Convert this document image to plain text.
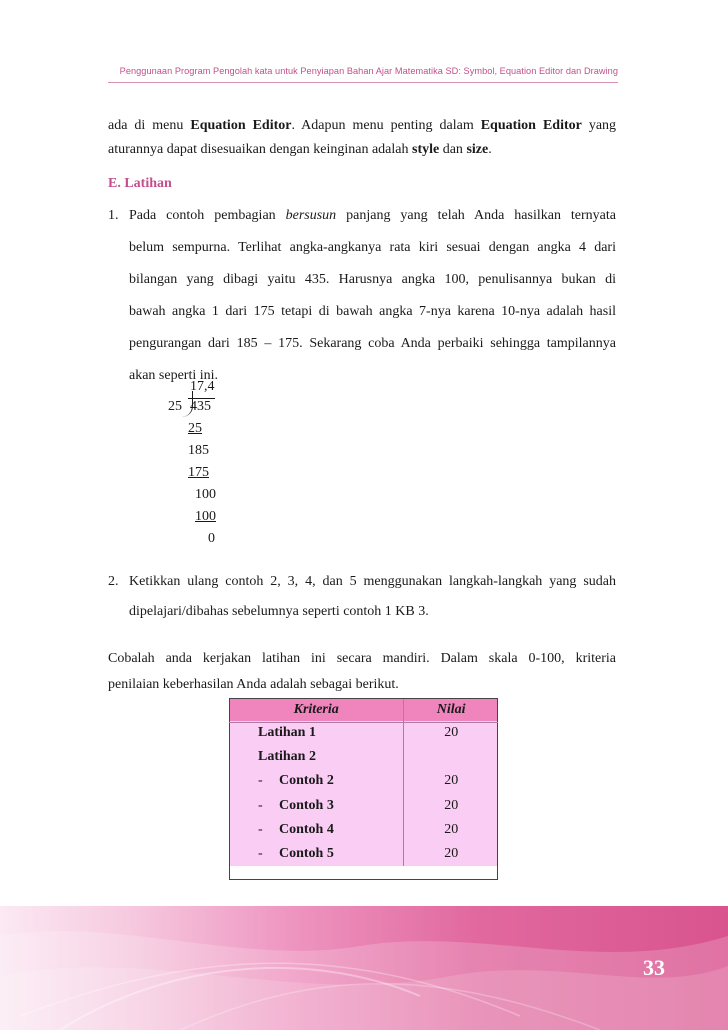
Penggunaan Program Pengolah kata untuk Penyiapan Bahan Ajar Matematika SD: Symbol, Equation Editor dan Drawing
ada di menu Equation Editor. Adapun menu penting dalam Equation Editor yang
aturannya dapat disesuaikan dengan keinginan adalah style dan size.
E. Latihan
1. Pada contoh pembagian bersusun panjang yang telah Anda hasilkan ternyata
belum sempurna. Terlihat angka-angkanya rata kiri sesuai dengan angka 4 dari
bilangan yang dibagi yaitu 435. Harusnya angka 100, penulisannya bukan di
bawah angka 1 dari 175 tetapi di bawah angka 7-nya karena 10-nya adalah hasil
pengurangan dari 185 – 175. Sekarang coba Anda perbaiki sehingga tampilannya
akan seperti ini.
17,4
25 435
25
185
175
100
100
0
2. Ketikkan ulang contoh 2, 3, 4, dan 5 menggunakan langkah-langkah yang sudah
dipelajari/dibahas sebelumnya seperti contoh 1 KB 3.
Cobalah anda kerjakan latihan ini secara mandiri. Dalam skala 0-100, kriteria
penilaian keberhasilan Anda adalah sebagai berikut.
Kriteria	Nilai
Latihan 1	20
Latihan 2	
- Contoh 2	20
- Contoh 3	20
- Contoh 4	20
- Contoh 5	20
33
